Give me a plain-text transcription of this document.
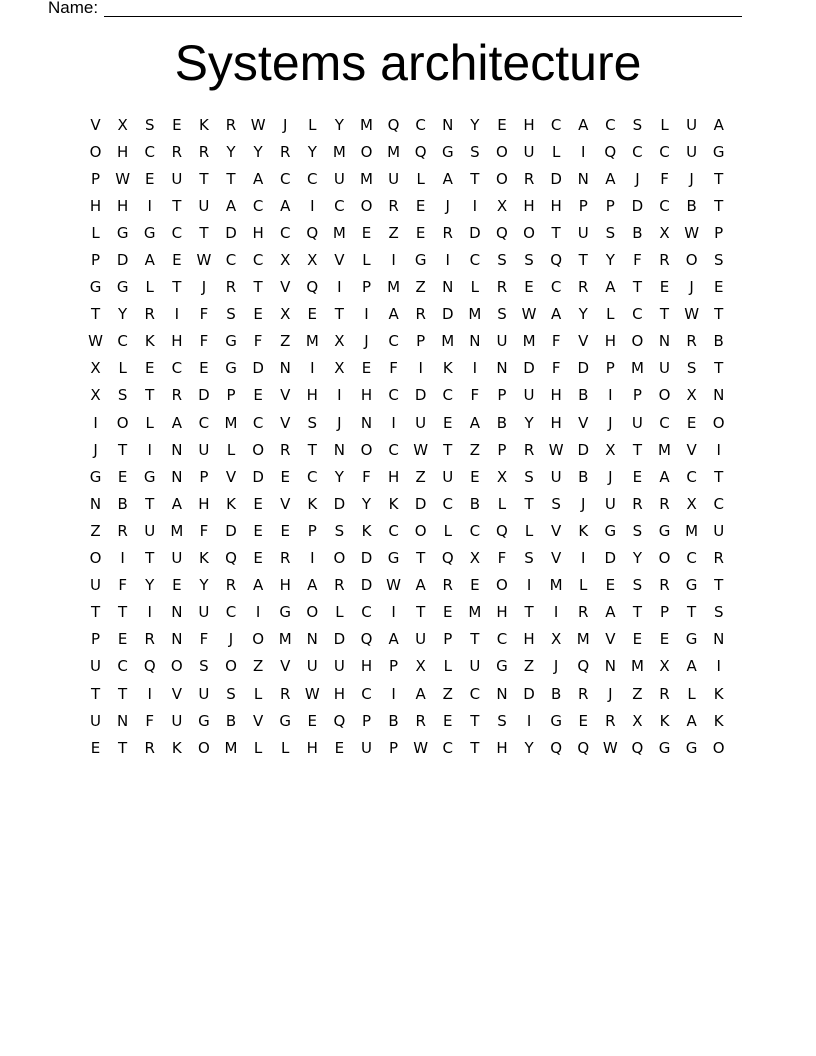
Name:
Systems architecture
V	X	S	E	K	R W	J	L	Y	M Q	C	N	Y	E	H	C	A	C	S	L	U	A
O	H	C	R	R	Y	Y	R	Y	M O M Q	G	S	O	U	L	I	Q	C	C	U	G
P	W E	U	T	T	A	C	C	U	M	U	L	A	T	O	R	D	N	A	J	F	J	T
H	H	I	T	U	A	C	A	I	C	O	R	E	J	I	X	H	H	P	P	D	C	B	T
L	G	G	C	T	D	H	C	Q M	E	Z	E	R	D	Q	O	T	U	S	B	X W	P
P	D	A	E W C	C	X	X	V	L	I	G	I	C	S	S	Q	T	Y	F	R	O	S
G	G	L	T	J	R	T	V	Q	I	P	M	Z	N	L	R	E	C	R	A	T	E	J	E
T	Y	R	I	F	S	E	X	E	T	I	A	R	D M	S W A	Y	L	C	T	W	T
W C	K	H	F	G	F	Z	M	X	J	C	P	M	N	U	M	F	V	H	O	N	R	B
X	L	E	C	E	G	D	N	I	X	E	F	I	K	I	N	D	F	D	P	M	U	S	T
X	S	T	R	D	P	E	V	H	I	H	C	D	C	F	P	U	H	B	I	P	O	X	N
I	O	L	A	C	M	C	V	S	J	N	I	U	E	A	B	Y	H	V	J	U	C	E	O
J	T	I	N	U	L	O	R	T	N	O	C W	T	Z	P	R W D	X	T	M	V	I
G	E	G	N	P	V	D	E	C	Y	F	H	Z	U	E	X	S	U	B	J	E	A	C	T
N	B	T	A	H	K	E	V	K	D	Y	K	D	C	B	L	T	S	J	U	R	R	X	C
Z	R	U	M	F	D	E	E	P	S	K	C	O	L	C	Q	L	V	K	G	S	G M	U
O	I	T	U	K	Q	E	R	I	O	D	G	T	Q	X	F	S	V	I	D	Y	O	C	R
U	F	Y	E	Y	R	A	H	A	R	D W A	R	E	O	I	M	L	E	S	R	G	T
T	T	I	N	U	C	I	G	O	L	C	I	T	E	M H	T	I	R	A	T	P	T	S
P	E	R	N	F	J	O M	N	D	Q	A	U	P	T	C	H	X	M	V	E	E	G	N
U	C	Q	O	S	O	Z	V	U	U	H	P	X	L	U	G	Z	J	Q	N	M	X	A	I
T	T	I	V	U	S	L	R W H	C	I	A	Z	C	N	D	B	R	J	Z	R	L	K
U	N	F	U	G	B	V	G	E	Q	P	B	R	E	T	S	I	G	E	R	X	K	A	K
E	T	R	K	O M	L	L	H	E	U	P	W C	T	H	Y	Q	Q W Q	G	G	O
